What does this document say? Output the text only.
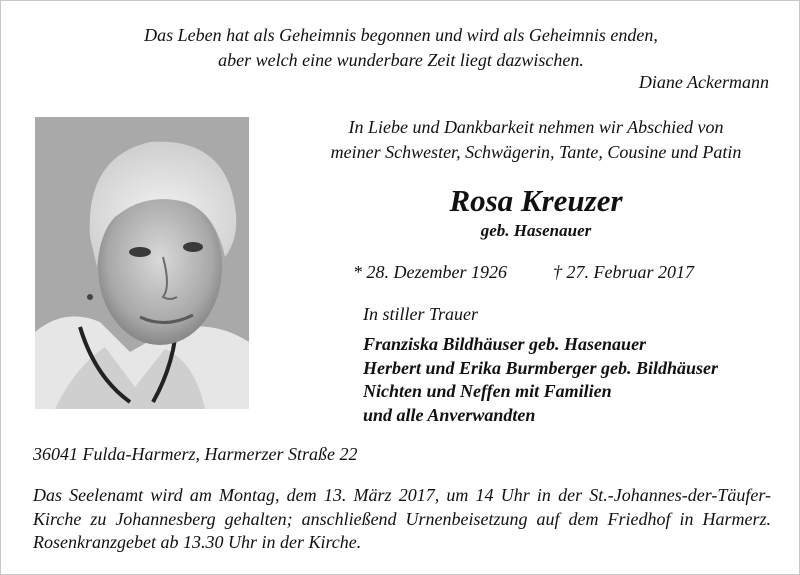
Das Leben hat als Geheimnis begonnen und wird als Geheimnis enden,
aber welch eine wunderbare Zeit liegt dazwischen.
Diane Ackermann
In Liebe und Dankbarkeit nehmen wir Abschied von
meiner Schwester, Schwägerin, Tante, Cousine und Patin
Rosa Kreuzer
geb. Hasenauer
* 28. Dezember 1926	† 27. Februar 2017
In stiller Trauer
Franziska Bildhäuser geb. Hasenauer
Herbert und Erika Burmberger geb. Bildhäuser
Nichten und Neffen mit Familien
und alle Anverwandten
36041 Fulda-Harmerz, Harmerzer Straße 22
Das Seelenamt wird am Montag, dem 13. März 2017, um 14 Uhr in der St.-Johannes-der-Täufer-Kirche zu Johannesberg gehalten; anschließend Urnenbeisetzung auf dem Friedhof in Harmerz. Rosenkranzgebet ab 13.30 Uhr in der Kirche.
